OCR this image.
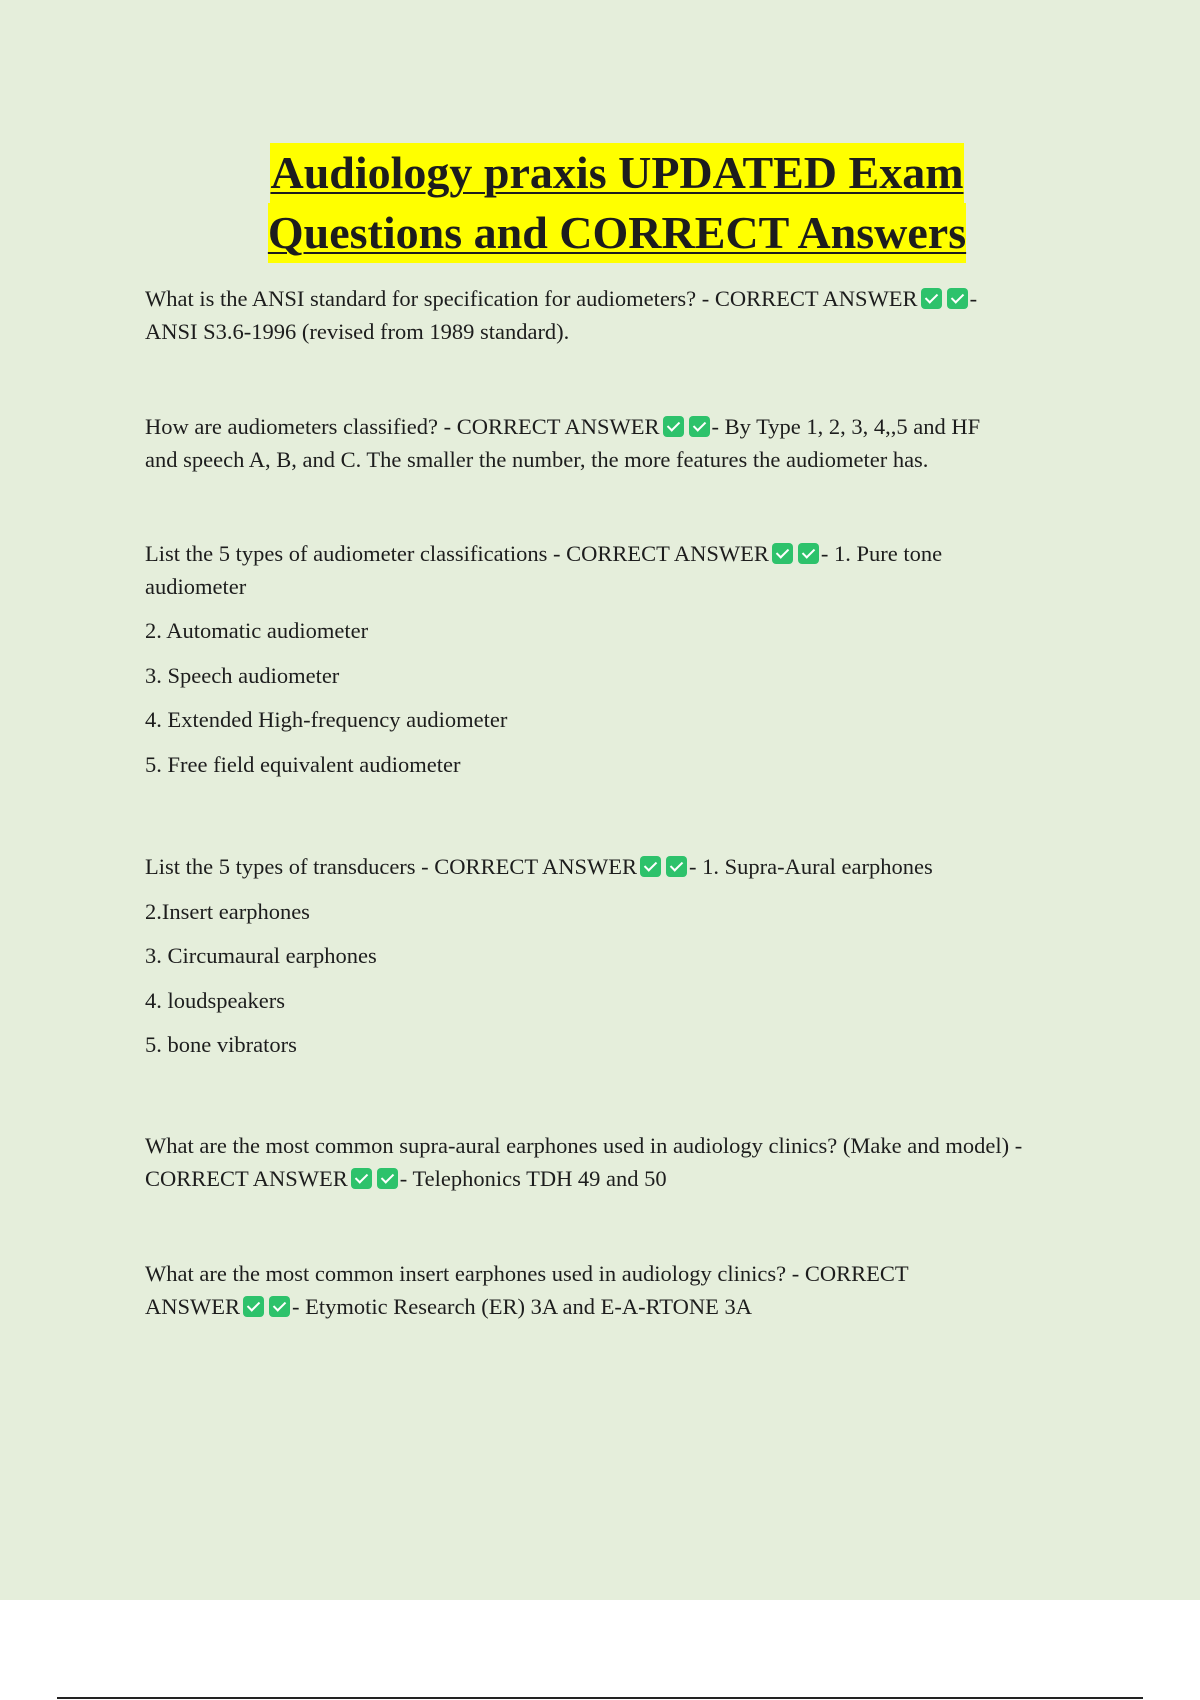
Audiology praxis UPDATED Exam
Questions and CORRECT Answers

What is the ANSI standard for specification for audiometers? - CORRECT ANSWER -
ANSI S3.6-1996 (revised from 1989 standard).

How are audiometers classified? - CORRECT ANSWER - By Type 1, 2, 3, 4,,5 and HF
and speech A, B, and C. The smaller the number, the more features the audiometer has.

List the 5 types of audiometer classifications - CORRECT ANSWER - 1. Pure tone
audiometer

2. Automatic audiometer

3. Speech audiometer

4. Extended High-frequency audiometer

5. Free field equivalent audiometer

List the 5 types of transducers - CORRECT ANSWER - 1. Supra-Aural earphones

2.Insert earphones

3. Circumaural earphones

4. loudspeakers

5. bone vibrators

What are the most common supra-aural earphones used in audiology clinics? (Make and model) -
CORRECT ANSWER - Telephonics TDH 49 and 50

What are the most common insert earphones used in audiology clinics? - CORRECT
ANSWER - Etymotic Research (ER) 3A and E-A-RTONE 3A
